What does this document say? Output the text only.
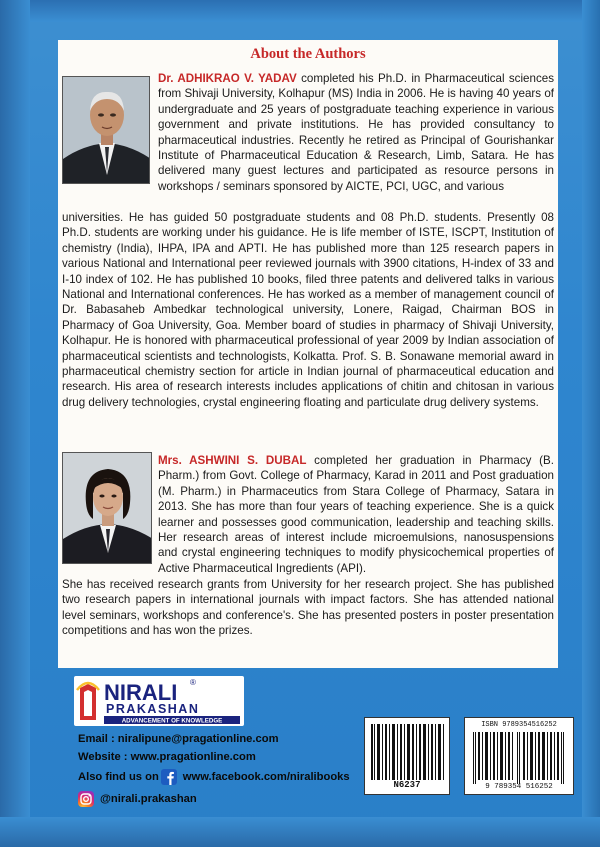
About the Authors
Dr. ADHIKRAO V. YADAV completed his Ph.D. in Pharmaceutical sciences from Shivaji University, Kolhapur (MS) India in 2006. He is having 40 years of undergraduate and 25 years of postgraduate teaching experience in various government and private institutions. He has provided consultancy to pharmaceutical industries. Recently he retired as Principal of Gourishankar Institute of Pharmaceutical Education & Research, Limb, Satara. He has delivered many guest lectures and participated as resource persons in workshops / seminars sponsored by AICTE, PCI, UGC, and various
universities. He has guided 50 postgraduate students and 08 Ph.D. students. Presently 08 Ph.D. students are working under his guidance. He is life member of ISTE, ISCPT, Institution of chemistry (India), IHPA, IPA and APTI. He has published more than 125 research papers in various National and International peer reviewed journals with 3900 citations, H-index of 33 and I-10 index of 102. He has published 10 books, filed three patents and delivered talks in various National and International conferences. He has worked as a member of management council of Dr. Babasaheb Ambedkar technological university, Lonere, Raigad, Chairman BOS in Pharmacy of Goa University, Goa. Member board of studies in pharmacy of Shivaji University, Kolhapur. He is honored with pharmaceutical professional of year 2009 by Indian association of pharmaceutical scientists and technologists, Kolkatta. Prof. S. B. Sonawane memorial award in pharmaceutical chemistry section for article in Indian journal of pharmaceutical education and research. His area of research interests includes applications of chitin and chitosan in various drug delivery technologies, crystal engineering floating and particulate drug delivery systems.
Mrs. ASHWINI S. DUBAL completed her graduation in Pharmacy (B. Pharm.) from Govt. College of Pharmacy, Karad in 2011 and Post graduation (M. Pharm.) in Pharmaceutics from Stara College of Pharmacy, Satara in 2013. She has more than four years of teaching experience. She is a quick learner and possesses good communication, leadership and teaching skills. Her research areas of interest include microemulsions, nanosuspensions and crystal engineering techniques to modify physicochemical properties of Active Pharmaceutical Ingredients (API).
She has received research grants from University for her research project. She has published two research papers in international journals with impact factors. She has attended national level seminars, workshops and conference's. She has presented posters in poster presentation competitions and has won the prizes.
NIRALI ®
PRAKASHAN
ADVANCEMENT OF KNOWLEDGE
Email : niralipune@pragationline.com
Website : www.pragationline.com
Also find us on www.facebook.com/niralibooks
@nirali.prakashan
N6237
ISBN 9789354516252
9 789354 516252
